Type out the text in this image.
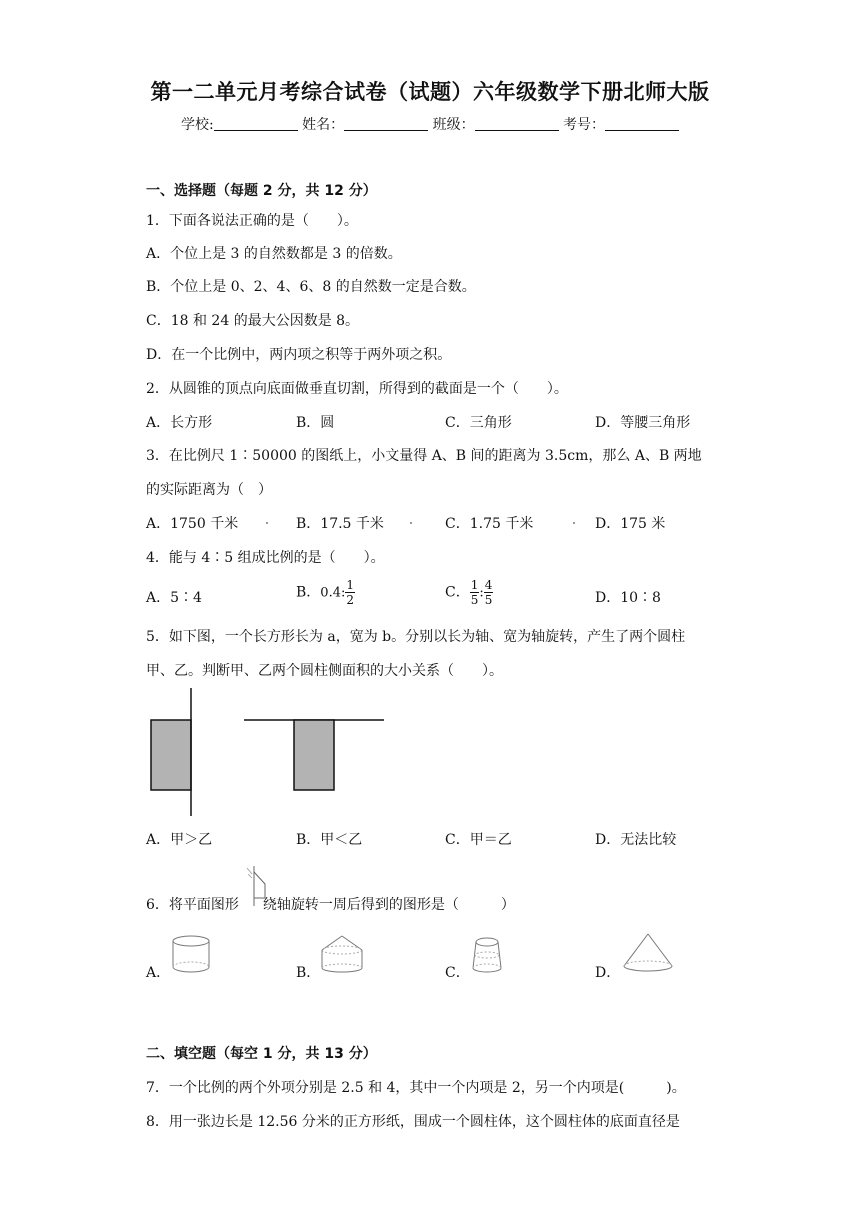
第一二单元月考综合试卷（试题）六年级数学下册北师大版
学校:	姓名：	班级：	考号：
一、选择题（每题 2 分，共 12 分）
1．下面各说法正确的是（　　）。
A．个位上是 3 的自然数都是 3 的倍数。
B．个位上是 0、2、4、6、8 的自然数一定是合数。
C．18 和 24 的最大公因数是 8。
D．在一个比例中，两内项之积等于两外项之积。
2．从圆锥的顶点向底面做垂直切割，所得到的截面是一个（　　）。
A．长方形	B．圆	C．三角形	D．等腰三角形
3．在比例尺 1∶50000 的图纸上，小文量得 A、B 间的距离为 3.5cm，那么 A、B 两地
的实际距离为（　）
A．1750 千米	B．17.5 千米	C．1.75 千米	D．175 米
4．能与 4∶5 组成比例的是（　　）。
A．5∶4	B．0.4: $\frac{1}{2}$	C． $\frac{1}{5}$ : $\frac{4}{5}$	D．10∶8
5．如下图，一个长方形长为 a，宽为 b。分别以长为轴、宽为轴旋转，产生了两个圆柱
甲、乙。判断甲、乙两个圆柱侧面积的大小关系（　　）。
A．甲＞乙	B．甲＜乙	C．甲＝乙	D．无法比较
6．将平面图形 绕轴旋转一周后得到的图形是（　　　）
A．	B．	C．	D．
二、填空题（每空 1 分，共 13 分）
7．一个比例的两个外项分别是 2.5 和 4，其中一个内项是 2，另一个内项是(　　　)。
8．用一张边长是 12.56 分米的正方形纸，围成一个圆柱体，这个圆柱体的底面直径是
